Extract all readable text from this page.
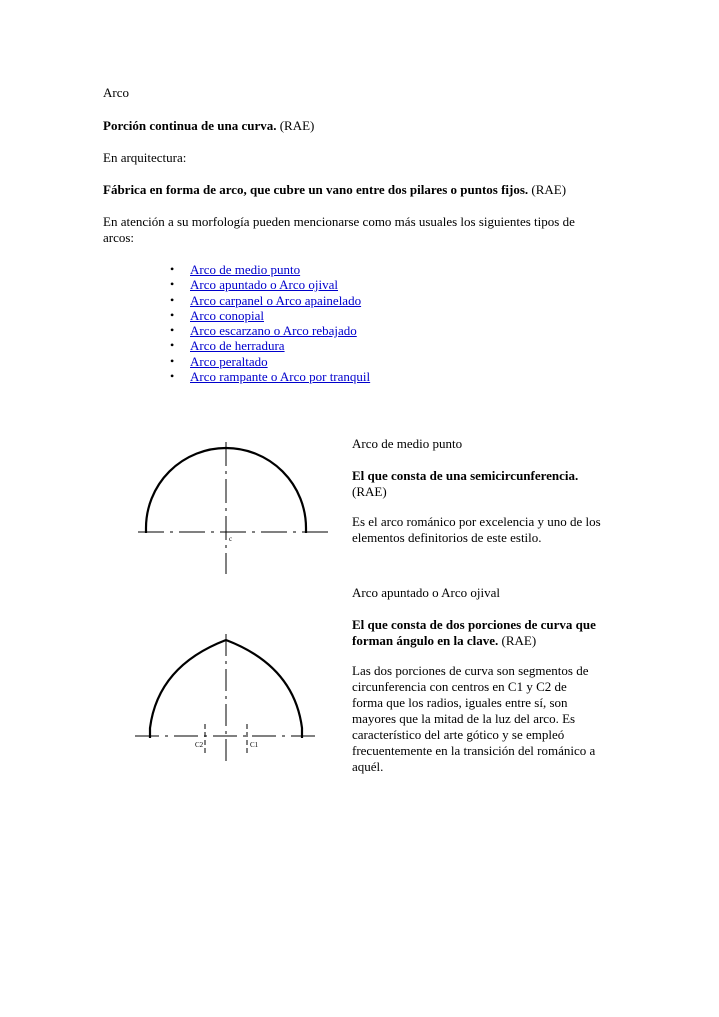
Arco

Porción continua de una curva. (RAE)

En arquitectura:

Fábrica en forma de arco, que cubre un vano entre dos pilares o puntos fijos. (RAE)

En atención a su morfología pueden mencionarse como más usuales los siguientes tipos de arcos:

• Arco de medio punto
• Arco apuntado o Arco ojival
• Arco carpanel o Arco apainelado
• Arco conopial
• Arco escarzano o Arco rebajado
• Arco de herradura
• Arco peraltado
• Arco rampante o Arco por tranquil
c

Arco de medio punto

El que consta de una semicircunferencia. (RAE)

Es el arco románico por excelencia y uno de los elementos definitorios de este estilo.

C2	C1

Arco apuntado o Arco ojival

El que consta de dos porciones de curva que forman ángulo en la clave. (RAE)

Las dos porciones de curva son segmentos de circunferencia con centros en C1 y C2 de forma que los radios, iguales entre sí, son mayores que la mitad de la luz del arco. Es característico del arte gótico y se empleó frecuentemente en la transición del románico a aquél.
